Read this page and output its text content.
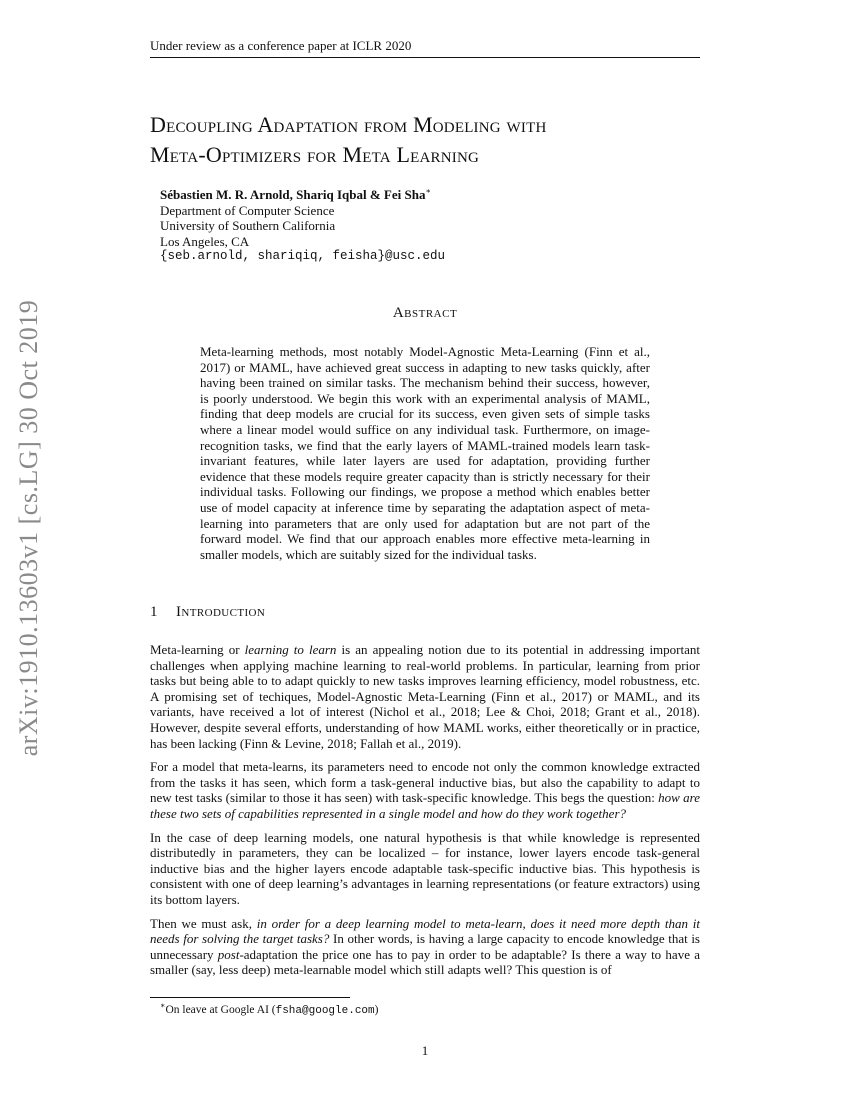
Under review as a conference paper at ICLR 2020
Decoupling Adaptation from Modeling with
Meta-Optimizers for Meta Learning
Sébastien M. R. Arnold, Shariq Iqbal & Fei Sha∗
Department of Computer Science
University of Southern California
Los Angeles, CA
{seb.arnold, shariqiq, feisha}@usc.edu
arXiv:1910.13603v1 [cs.LG] 30 Oct 2019	Abstract
Meta-learning methods, most notably Model-Agnostic Meta-Learning (Finn et al., 2017) or MAML, have achieved great success in adapting to new tasks quickly, after having been trained on similar tasks. The mechanism behind their success, however, is poorly understood. We begin this work with an experimental analysis of MAML, finding that deep models are crucial for its success, even given sets of simple tasks where a linear model would suffice on any individual task. Furthermore, on image-recognition tasks, we find that the early layers of MAML-trained models learn task-invariant features, while later layers are used for adaptation, providing further evidence that these models require greater capacity than is strictly necessary for their individual tasks. Following our findings, we propose a method which enables better use of model capacity at inference time by separating the adaptation aspect of meta-learning into parameters that are only used for adaptation but are not part of the forward model. We find that our approach enables more effective meta-learning in smaller models, which are suitably sized for the individual tasks.
1 Introduction

Meta-learning or learning to learn is an appealing notion due to its potential in addressing important challenges when applying machine learning to real-world problems. In particular, learning from prior tasks but being able to to adapt quickly to new tasks improves learning efficiency, model robustness, etc. A promising set of techiques, Model-Agnostic Meta-Learning (Finn et al., 2017) or MAML, and its variants, have received a lot of interest (Nichol et al., 2018; Lee & Choi, 2018; Grant et al., 2018). However, despite several efforts, understanding of how MAML works, either theoretically or in practice, has been lacking (Finn & Levine, 2018; Fallah et al., 2019).

For a model that meta-learns, its parameters need to encode not only the common knowledge extracted from the tasks it has seen, which form a task-general inductive bias, but also the capability to adapt to new test tasks (similar to those it has seen) with task-specific knowledge. This begs the question: how are these two sets of capabilities represented in a single model and how do they work together?

In the case of deep learning models, one natural hypothesis is that while knowledge is represented distributedly in parameters, they can be localized – for instance, lower layers encode task-general inductive bias and the higher layers encode adaptable task-specific inductive bias. This hypothesis is consistent with one of deep learning’s advantages in learning representations (or feature extractors) using its bottom layers.

Then we must ask, in order for a deep learning model to meta-learn, does it need more depth than it needs for solving the target tasks? In other words, is having a large capacity to encode knowledge that is unnecessary post-adaptation the price one has to pay in order to be adaptable? Is there a way to have a smaller (say, less deep) meta-learnable model which still adapts well? This question is of

∗On leave at Google AI (fsha@google.com)
1
